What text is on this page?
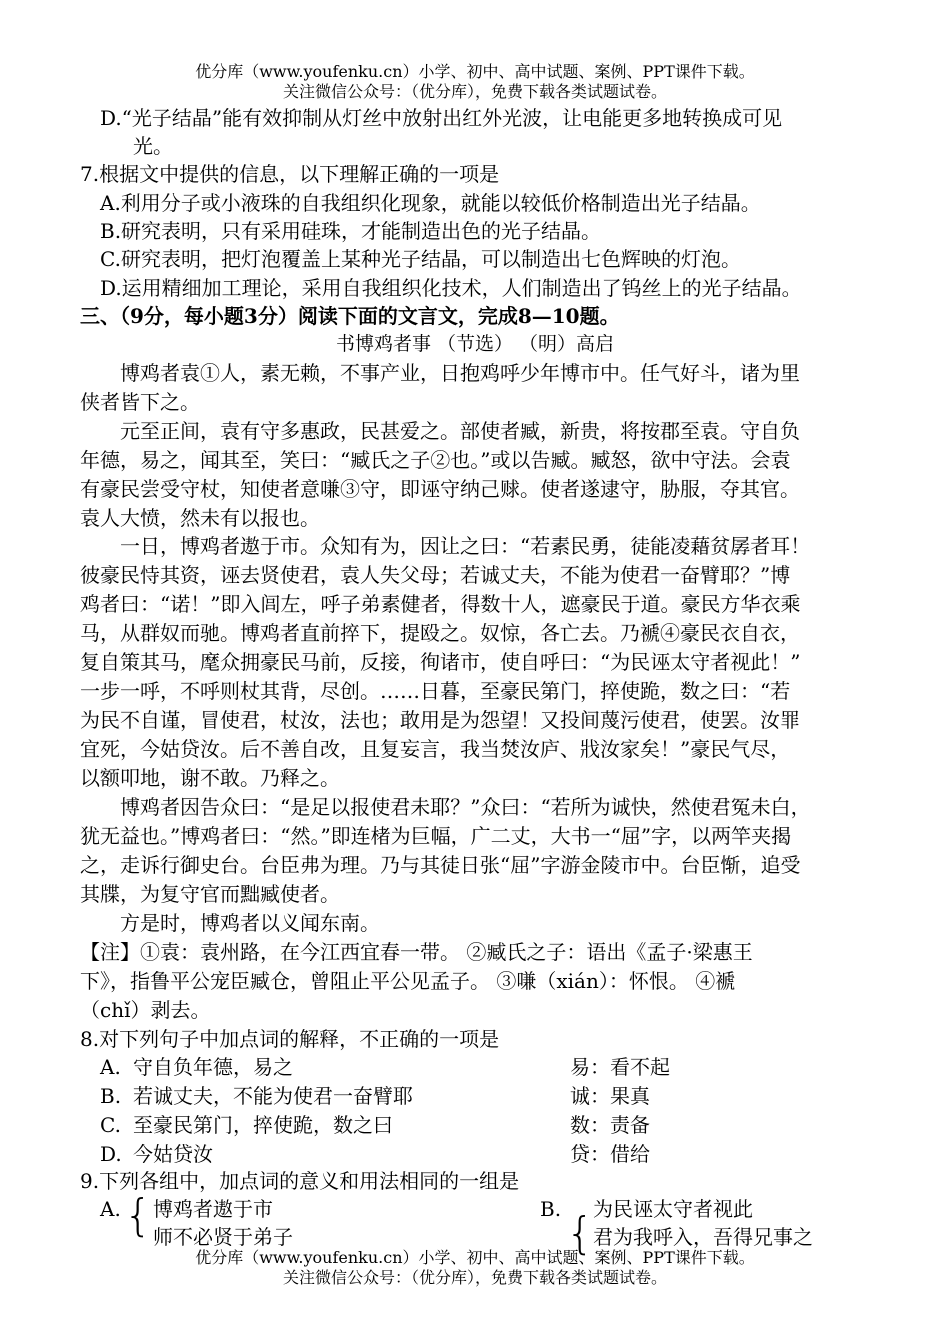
优分库（www.youfenku.cn）小学、初中、高中试题、案例、PPT课件下载。
关注微信公众号：（优分库），免费下载各类试题试卷。
D.“光子结晶”能有效抑制从灯丝中放射出红外光波，让电能更多地转换成可见
光。
7.根据文中提供的信息，以下理解正确的一项是
A.利用分子或小液珠的自我组织化现象，就能以较低价格制造出光子结晶。
B.研究表明，只有采用硅珠，才能制造出色的光子结晶。
C.研究表明，把灯泡覆盖上某种光子结晶，可以制造出七色辉映的灯泡。
D.运用精细加工理论，采用自我组织化技术，人们制造出了钨丝上的光子结晶。
三、（9分，每小题3分）阅读下面的文言文，完成8—10题。
书博鸡者事 （节选） （明）高启
博鸡者袁①人，素无赖，不事产业，日抱鸡呼少年博市中。任气好斗，诸为里
侠者皆下之。
元至正间，袁有守多惠政，民甚爱之。部使者臧，新贵，将按郡至袁。守自负
年德，易之，闻其至，笑曰：“臧氏之子②也。”或以告臧。臧怒，欲中守法。会袁
有豪民尝受守杖，知使者意嗛③守，即诬守纳己赇。使者遂逮守，胁服，夺其官。
袁人大愤，然未有以报也。
一日，博鸡者遨于市。众知有为，因让之曰：“若素民勇，徒能凌藉贫孱者耳！
彼豪民恃其资，诬去贤使君，袁人失父母；若诚丈夫，不能为使君一奋臂耶？”博
鸡者曰：“诺！”即入闾左，呼子弟素健者，得数十人，遮豪民于道。豪民方华衣乘
马，从群奴而驰。博鸡者直前捽下，提殴之。奴惊，各亡去。乃褫④豪民衣自衣，
复自策其马，麾众拥豪民马前，反接，徇诸市，使自呼曰：“为民诬太守者视此！”
一步一呼，不呼则杖其背，尽创。……日暮，至豪民第门，捽使跪，数之曰：“若
为民不自谨，冒使君，杖汝，法也；敢用是为怨望！又投间蔑污使君，使罢。汝罪
宜死，今姑贷汝。后不善自改，且复妄言，我当焚汝庐、戕汝家矣！”豪民气尽，
以额叩地，谢不敢。乃释之。
博鸡者因告众曰：“是足以报使君未耶？”众曰：“若所为诚快，然使君冤未白，
犹无益也。”博鸡者曰：“然。”即连楮为巨幅，广二丈，大书一“屈”字，以两竿夹揭
之，走诉行御史台。台臣弗为理。乃与其徒日张“屈”字游金陵市中。台臣惭，追受
其牒，为复守官而黜臧使者。
方是时，博鸡者以义闻东南。
【注】①袁：袁州路，在今江西宜春一带。 ②臧氏之子：语出《孟子·梁惠王
下》，指鲁平公宠臣臧仓，曾阻止平公见孟子。 ③嗛（xián）：怀恨。 ④褫
（chǐ）剥去。
8.对下列句子中加点词的解释，不正确的一项是
A. 守自负年德，易之	易：看不起
B. 若诚丈夫，不能为使君一奋臂耶	诚：果真
C. 至豪民第门，捽使跪，数之曰	数：责备
D. 今姑贷汝	贷：借给
9.下列各组中，加点词的意义和用法相同的一组是
A. { 博鸡者遨于市
师不必贤于弟子
B. { 为民诬太守者视此
君为我呼入，吾得兄事之
优分库（www.youfenku.cn）小学、初中、高中试题、案例、PPT课件下载。
关注微信公众号：（优分库），免费下载各类试题试卷。
